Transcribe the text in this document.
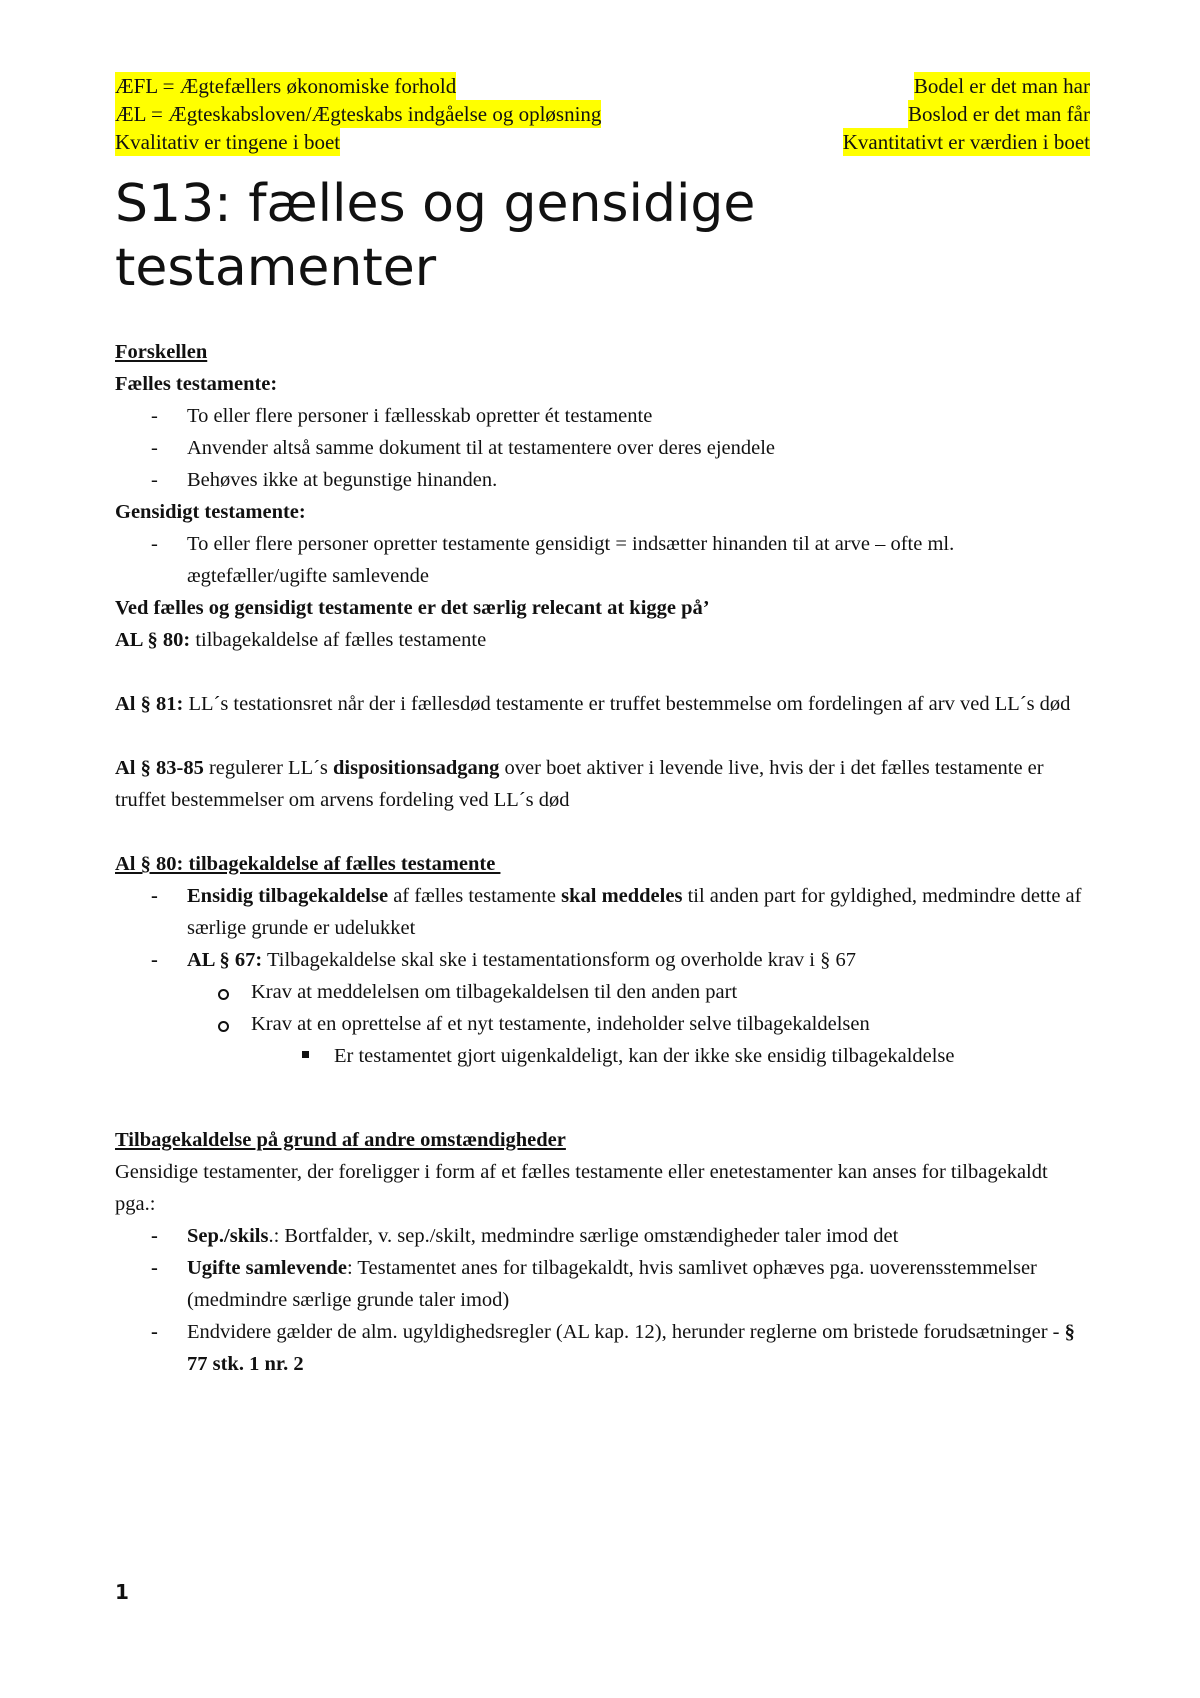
ÆFL = Ægtefællers økonomiske forhold	Bodel er det man har
ÆL = Ægteskabsloven/Ægteskabs indgåelse og opløsning	Boslod er det man får
Kvalitativ er tingene i boet	Kvantitativt er værdien i boet
S13: fælles og gensidige testamenter
Forskellen
Fælles testamente:
- To eller flere personer i fællesskab opretter ét testamente
- Anvender altså samme dokument til at testamentere over deres ejendele
- Behøves ikke at begunstige hinanden.
Gensidigt testamente:
- To eller flere personer opretter testamente gensidigt = indsætter hinanden til at arve – ofte ml. ægtefæller/ugifte samlevende
Ved fælles og gensidigt testamente er det særlig relecant at kigge på’
AL § 80: tilbagekaldelse af fælles testamente
Al § 81: LL´s testationsret når der i fællesdød testamente er truffet bestemmelse om fordelingen af arv ved LL´s død
Al § 83-85 regulerer LL´s dispositionsadgang over boet aktiver i levende live, hvis der i det fælles testamente er truffet bestemmelser om arvens fordeling ved LL´s død
Al § 80: tilbagekaldelse af fælles testamente
- Ensidig tilbagekaldelse af fælles testamente skal meddeles til anden part for gyldighed, medmindre dette af særlige grunde er udelukket
- AL § 67: Tilbagekaldelse skal ske i testamentationsform og overholde krav i § 67
Krav at meddelelsen om tilbagekaldelsen til den anden part
Krav at en oprettelse af et nyt testamente, indeholder selve tilbagekaldelsen
Er testamentet gjort uigenkaldeligt, kan der ikke ske ensidig tilbagekaldelse
Tilbagekaldelse på grund af andre omstændigheder
Gensidige testamenter, der foreligger i form af et fælles testamente eller enetestamenter kan anses for tilbagekaldt pga.:
- Sep./skils.: Bortfalder, v. sep./skilt, medmindre særlige omstændigheder taler imod det
- Ugifte samlevende: Testamentet anes for tilbagekaldt, hvis samlivet ophæves pga. uoverensstemmelser (medmindre særlige grunde taler imod)
- Endvidere gælder de alm. ugyldighedsregler (AL kap. 12), herunder reglerne om bristede forudsætninger - § 77 stk. 1 nr. 2
1
